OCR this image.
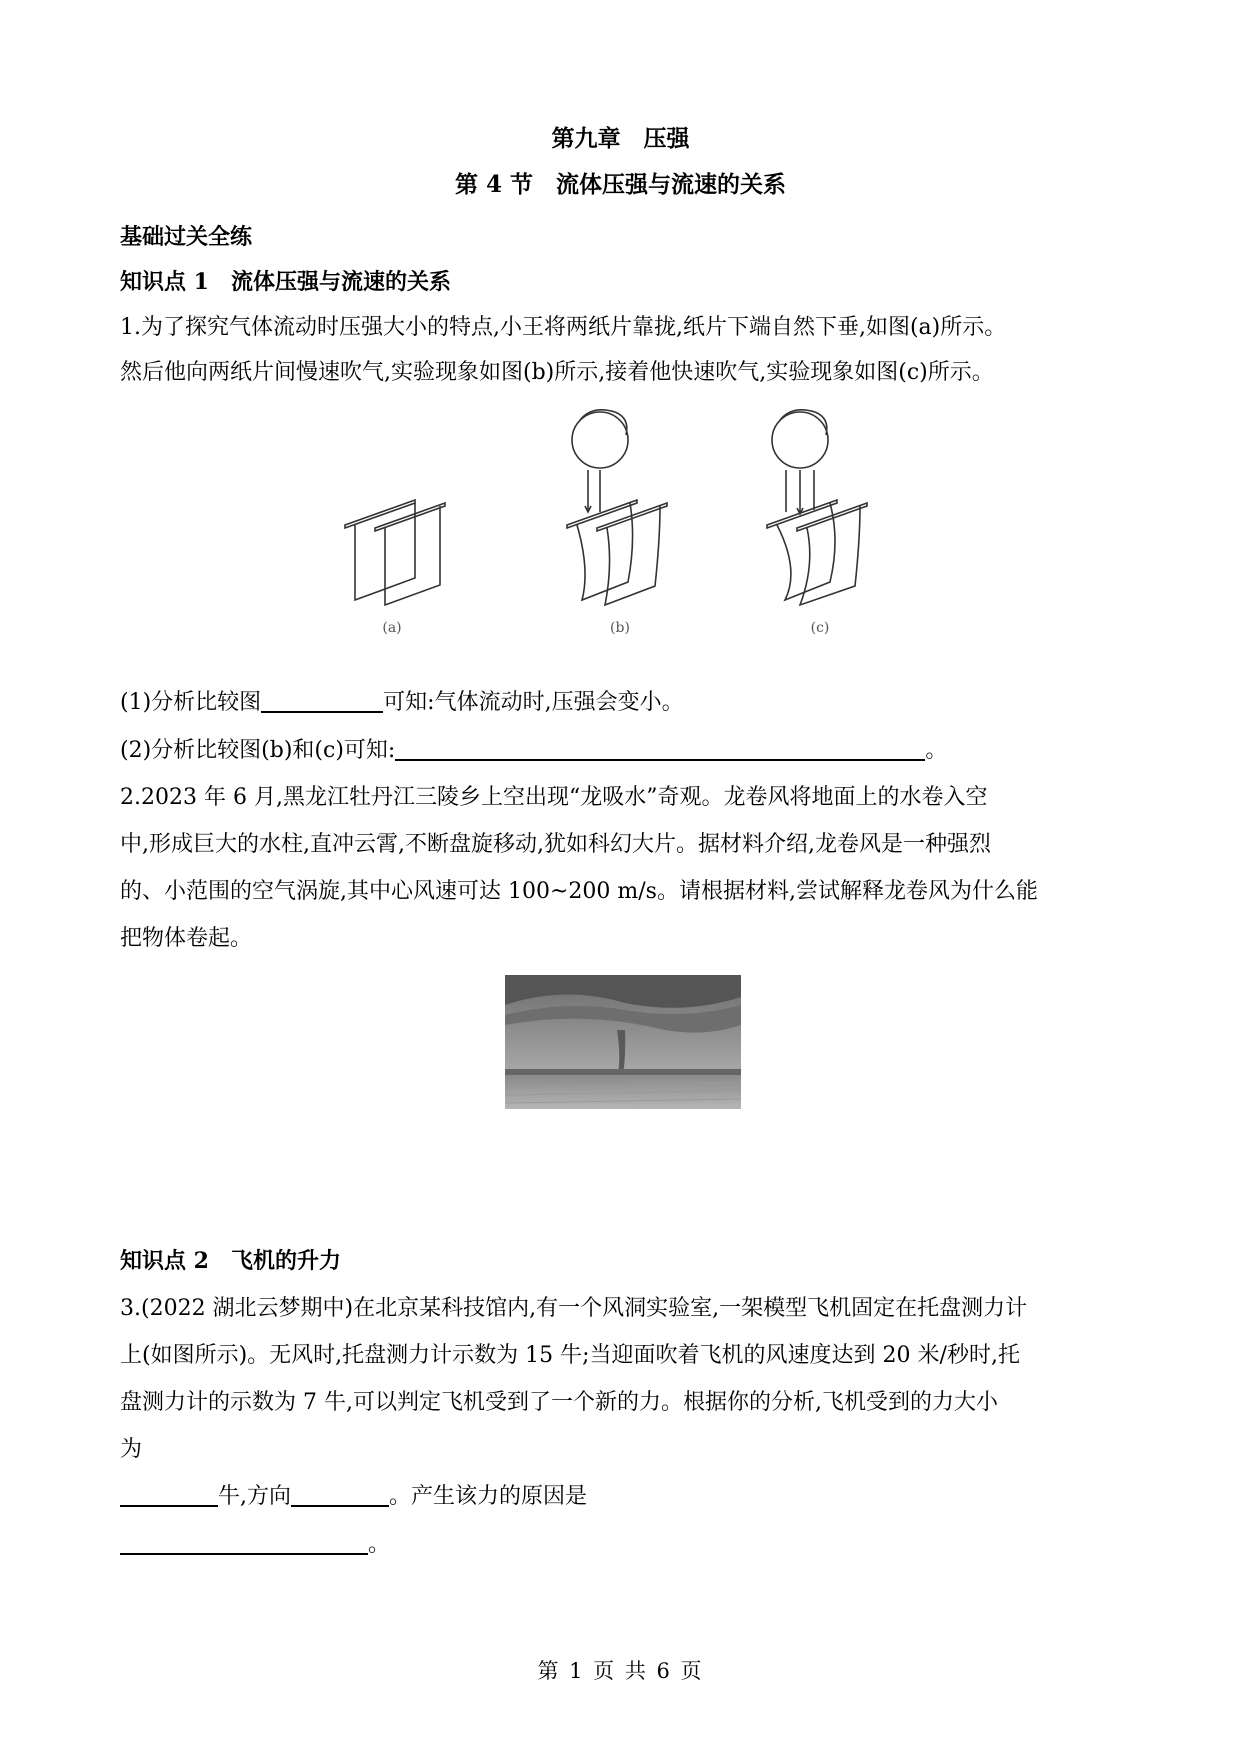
第九章　压强
第 4 节　流体压强与流速的关系
基础过关全练
知识点 1　流体压强与流速的关系
1.为了探究气体流动时压强大小的特点,小王将两纸片靠拢,纸片下端自然下垂,如图(a)所示。
然后他向两纸片间慢速吹气,实验现象如图(b)所示,接着他快速吹气,实验现象如图(c)所示。
(a)	(b)	(c)
(1)分析比较图	可知:气体流动时,压强会变小。
(2)分析比较图(b)和(c)可知:	。
2.2023 年 6 月,黑龙江牡丹江三陵乡上空出现“龙吸水”奇观。龙卷风将地面上的水卷入空
中,形成巨大的水柱,直冲云霄,不断盘旋移动,犹如科幻大片。据材料介绍,龙卷风是一种强烈
的、小范围的空气涡旋,其中心风速可达 100~200 m/s。请根据材料,尝试解释龙卷风为什么能
把物体卷起。
知识点 2　飞机的升力
3.(2022 湖北云梦期中)在北京某科技馆内,有一个风洞实验室,一架模型飞机固定在托盘测力计
上(如图所示)。无风时,托盘测力计示数为 15 牛;当迎面吹着飞机的风速度达到 20 米/秒时,托
盘测力计的示数为 7 牛,可以判定飞机受到了一个新的力。根据你的分析,飞机受到的力大小
为
牛,方向	。产生该力的原因是
。
第 1 页 共 6 页
